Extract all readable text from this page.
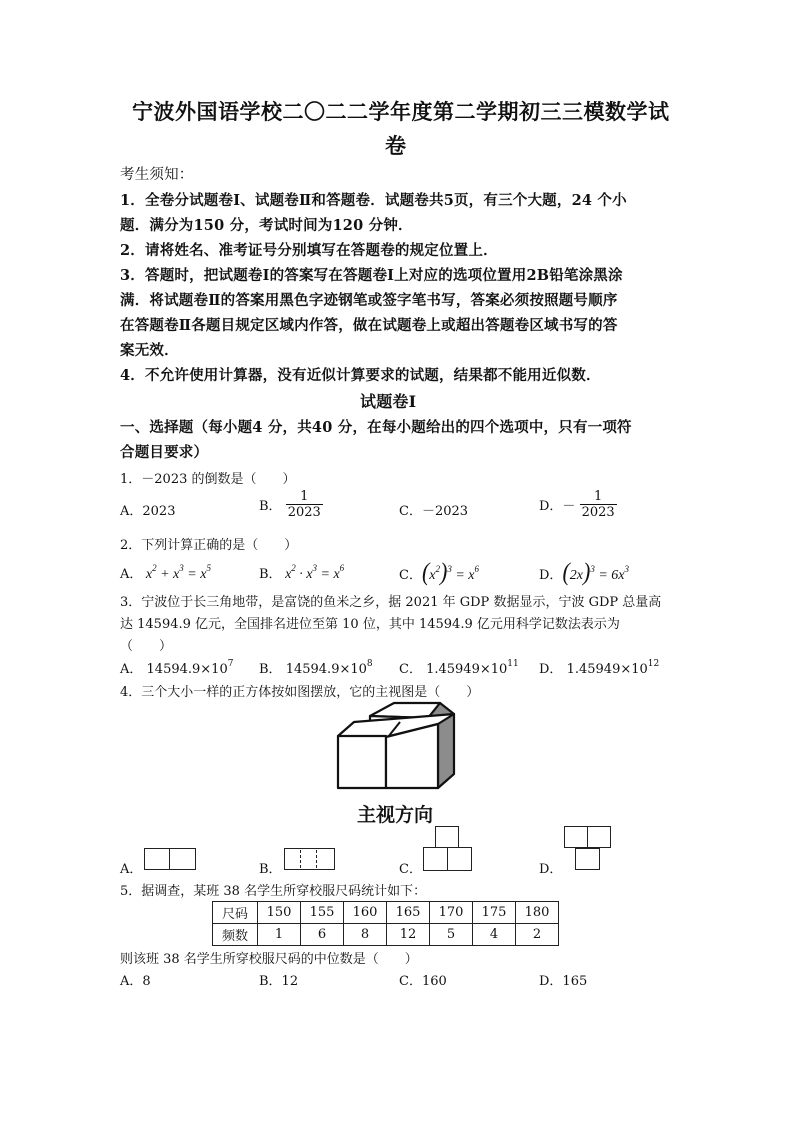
宁波外国语学校二〇二二学年度第二学期初三三模数学试
卷
考生须知：
1．全卷分试题卷Ⅰ、试题卷Ⅱ和答题卷．试题卷共5页，有三个大题，24 个小
题．满分为150 分，考试时间为120 分钟．
2．请将姓名、准考证号分别填写在答题卷的规定位置上．
3．答题时，把试题卷Ⅰ的答案写在答题卷Ⅰ上对应的选项位置用2B铅笔涂黑涂
满．将试题卷Ⅱ的答案用黑色字迹钢笔或签字笔书写，答案必须按照题号顺序
在答题卷Ⅱ各题目规定区域内作答，做在试题卷上或超出答题卷区域书写的答
案无效．
4．不允许使用计算器，没有近似计算要求的试题，结果都不能用近似数．
试题卷Ⅰ
一、选择题（每小题4 分，共40 分，在每小题给出的四个选项中，只有一项符
合题目要求）
1．－2023 的倒数是（　　）
A．2023	B． $\frac{1}{2023}$	C．－2023	D．－ $\frac{1}{2023}$
2．下列计算正确的是（　　）
A． $x^2 + x^3 = x^5$	B． $x^2 \cdot x^3 = x^6$	C．$(x^2)^3 = x^6$	D．$(2x)^3 = 6x^3$
3．宁波位于长三角地带，是富饶的鱼米之乡，据 2021 年 GDP 数据显示，宁波 GDP 总量高
达 14594.9 亿元，全国排名进位至第 10 位，其中 14594.9 亿元用科学记数法表示为
（　　）
A． $14594.9\times 10^7$ B． $14594.9\times 10^8$ C． $1.45949\times 10^{11}$ D． $1.45949\times 10^{12}$
4．三个大小一样的正方体按如图摆放，它的主视图是（　　）
主视方向
A．	B．	C．	D．
5．据调查，某班 38 名学生所穿校服尺码统计如下：
尺码	150	155	160	165	170	175	180
频数	1	6	8	12	5	4	2
则该班 38 名学生所穿校服尺码的中位数是（　　）
A．8	B．12	C．160	D．165
